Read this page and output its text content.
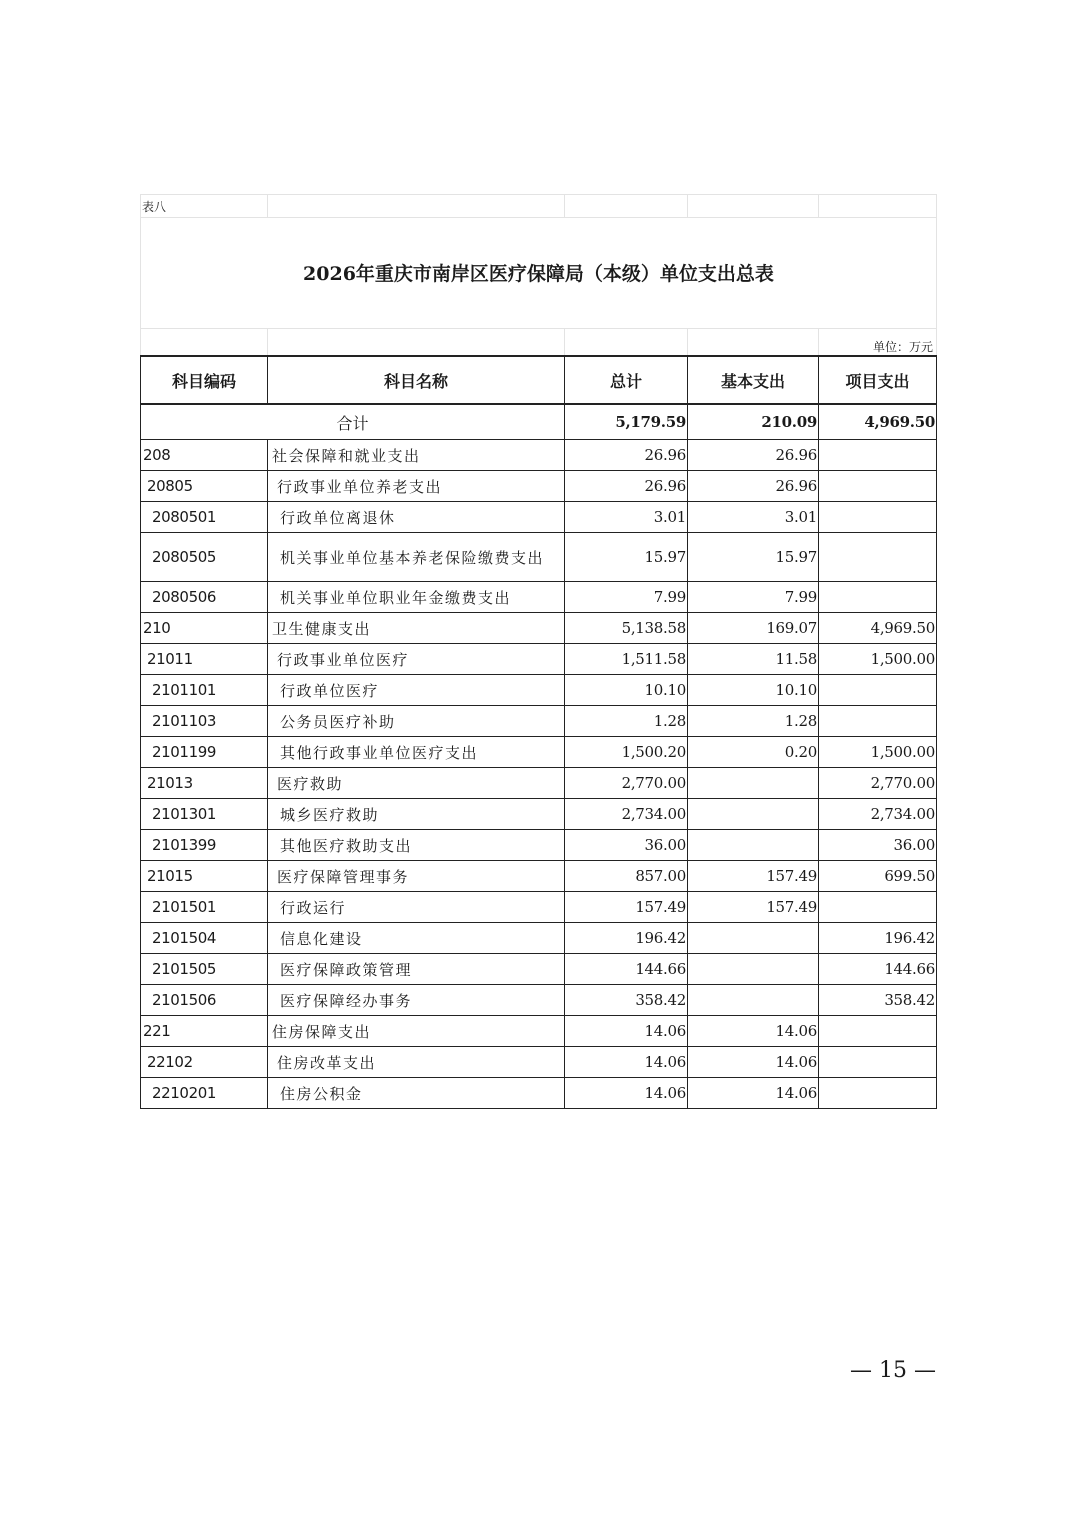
表八				
2026年重庆市南岸区医疗保障局（本级）单位支出总表				
				单位：万元
科目编码	科目名称	总计	基本支出	项目支出
合计		5,179.59	210.09	4,969.50
208	社会保障和就业支出	26.96	26.96	
20805	行政事业单位养老支出	26.96	26.96	
2080501	行政单位离退休	3.01	3.01	
2080505	机关事业单位基本养老保险缴费支出	15.97	15.97	
2080506	机关事业单位职业年金缴费支出	7.99	7.99	
210	卫生健康支出	5,138.58	169.07	4,969.50
21011	行政事业单位医疗	1,511.58	11.58	1,500.00
2101101	行政单位医疗	10.10	10.10	
2101103	公务员医疗补助	1.28	1.28	
2101199	其他行政事业单位医疗支出	1,500.20	0.20	1,500.00
21013	医疗救助	2,770.00		2,770.00
2101301	城乡医疗救助	2,734.00		2,734.00
2101399	其他医疗救助支出	36.00		36.00
21015	医疗保障管理事务	857.00	157.49	699.50
2101501	行政运行	157.49	157.49	
2101504	信息化建设	196.42		196.42
2101505	医疗保障政策管理	144.66		144.66
2101506	医疗保障经办事务	358.42		358.42
221	住房保障支出	14.06	14.06	
22102	住房改革支出	14.06	14.06	
2210201	住房公积金	14.06	14.06	
— 15 —
